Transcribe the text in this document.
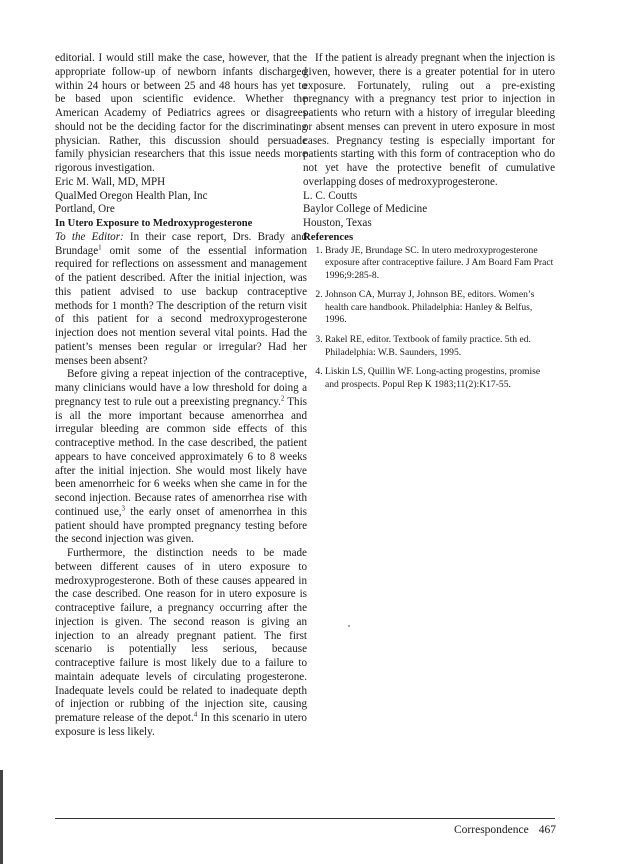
editorial. I would still make the case, however, that the appropriate follow-up of newborn infants discharged within 24 hours or between 25 and 48 hours has yet to be based upon scientific evidence. Whether the American Academy of Pediatrics agrees or disagrees should not be the deciding factor for the discriminating physician. Rather, this discussion should persuade family physician researchers that this issue needs more rigorous investigation.

Eric M. Wall, MD, MPH

QualMed Oregon Health Plan, Inc

Portland, Ore

In Utero Exposure to Medroxyprogesterone

To the Editor: In their case report, Drs. Brady and Brundage$^1$ omit some of the essential information required for reflections on assessment and management of the patient described. After the initial injection, was this patient advised to use backup contraceptive methods for 1 month? The description of the return visit of this patient for a second medroxyprogesterone injection does not mention several vital points. Had the patient’s menses been regular or irregular? Had her menses been absent?

Before giving a repeat injection of the contraceptive, many clinicians would have a low threshold for doing a pregnancy test to rule out a preexisting pregnancy.$^2$ This is all the more important because amenorrhea and irregular bleeding are common side effects of this contraceptive method. In the case described, the patient appears to have conceived approximately 6 to 8 weeks after the initial injection. She would most likely have been amenorrheic for 6 weeks when she came in for the second injection. Because rates of amenorrhea rise with continued use,$^3$ the early onset of amenorrhea in this patient should have prompted pregnancy testing before the second injection was given.

Furthermore, the distinction needs to be made between different causes of in utero exposure to medroxyprogesterone. Both of these causes appeared in the case described. One reason for in utero exposure is contraceptive failure, a pregnancy occurring after the injection is given. The second reason is giving an injection to an already pregnant patient. The first scenario is potentially less serious, because contraceptive failure is most likely due to a failure to maintain adequate levels of circulating progesterone. Inadequate levels could be related to inadequate depth of injection or rubbing of the injection site, causing premature release of the depot.$^4$ In this scenario in utero exposure is less likely.

If the patient is already pregnant when the injection is given, however, there is a greater potential for in utero exposure. Fortunately, ruling out a pre-existing pregnancy with a pregnancy test prior to injection in patients who return with a history of irregular bleeding or absent menses can prevent in utero exposure in most cases. Pregnancy testing is especially important for patients starting with this form of contraception who do not yet have the protective benefit of cumulative overlapping doses of medroxyprogesterone.

L. C. Coutts

Baylor College of Medicine

Houston, Texas

References

1. Brady JE, Brundage SC. In utero medroxyprogesterone exposure after contraceptive failure. J Am Board Fam Pract 1996;9:285-8.
2. Johnson CA, Murray J, Johnson BE, editors. Women’s health care handbook. Philadelphia: Hanley & Belfus, 1996.
3. Rakel RE, editor. Textbook of family practice. 5th ed. Philadelphia: W.B. Saunders, 1995.
4. Liskin LS, Quillin WF. Long-acting progestins, promise and prospects. Popul Rep K 1983;11(2):K17-55.
Correspondence 467
